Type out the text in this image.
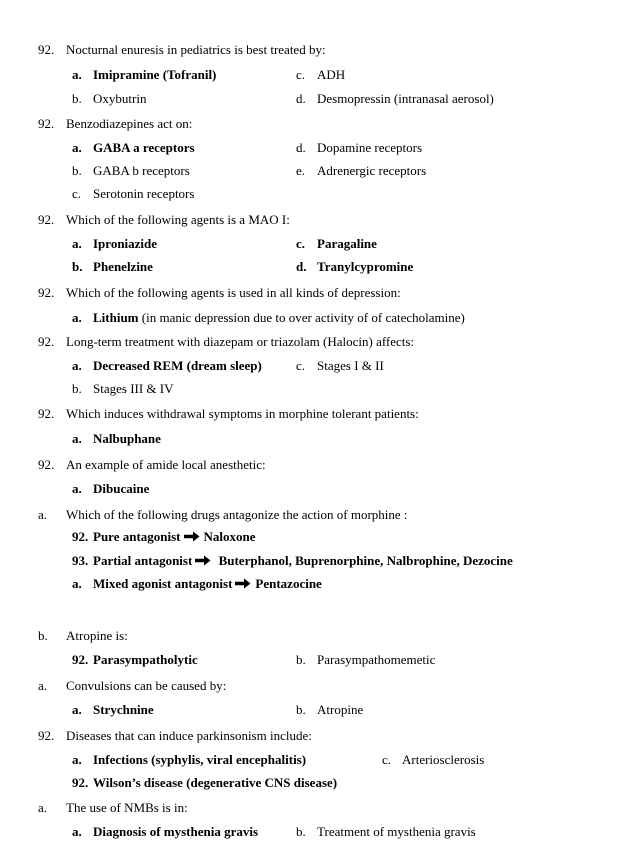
92. Nocturnal enuresis in pediatrics is best treated by:
a. Imipramine (Tofranil)	c. ADH
b. Oxybutrin	d. Desmopressin (intranasal aerosol)
92. Benzodiazepines act on:
a. GABA a receptors	d. Dopamine receptors
b. GABA b receptors	e. Adrenergic receptors
c. Serotonin receptors
92. Which of the following agents is a MAO I:
a. Iproniazide	c. Paragaline
b. Phenelzine	d. Tranylcypromine
92. Which of the following agents is used in all kinds of depression:
a. Lithium (in manic depression due to over activity of of catecholamine)
92. Long-term treatment with diazepam or triazolam (Halocin) affects:
a. Decreased REM (dream sleep)	c. Stages I & II
b. Stages III & IV
92. Which induces withdrawal symptoms in morphine tolerant patients:
a. Nalbuphane
92. An example of amide local anesthetic:
a. Dibucaine
a. Which of the following drugs antagonize the action of morphine :
92. Pure antagonist Naloxone
93. Partial antagonist Buterphanol, Buprenorphine, Nalbrophine, Dezocine
a. Mixed agonist antagonist Pentazocine
b. Atropine is:
92. Parasympatholytic	b. Parasympathomemetic
a. Convulsions can be caused by:
a. Strychnine	b. Atropine
92. Diseases that can induce parkinsonism include:
a. Infections (syphylis, viral encephalitis)	c. Arteriosclerosis
92. Wilson’s disease (degenerative CNS disease)
a. The use of NMBs is in:
a. Diagnosis of mysthenia gravis	b. Treatment of mysthenia gravis
